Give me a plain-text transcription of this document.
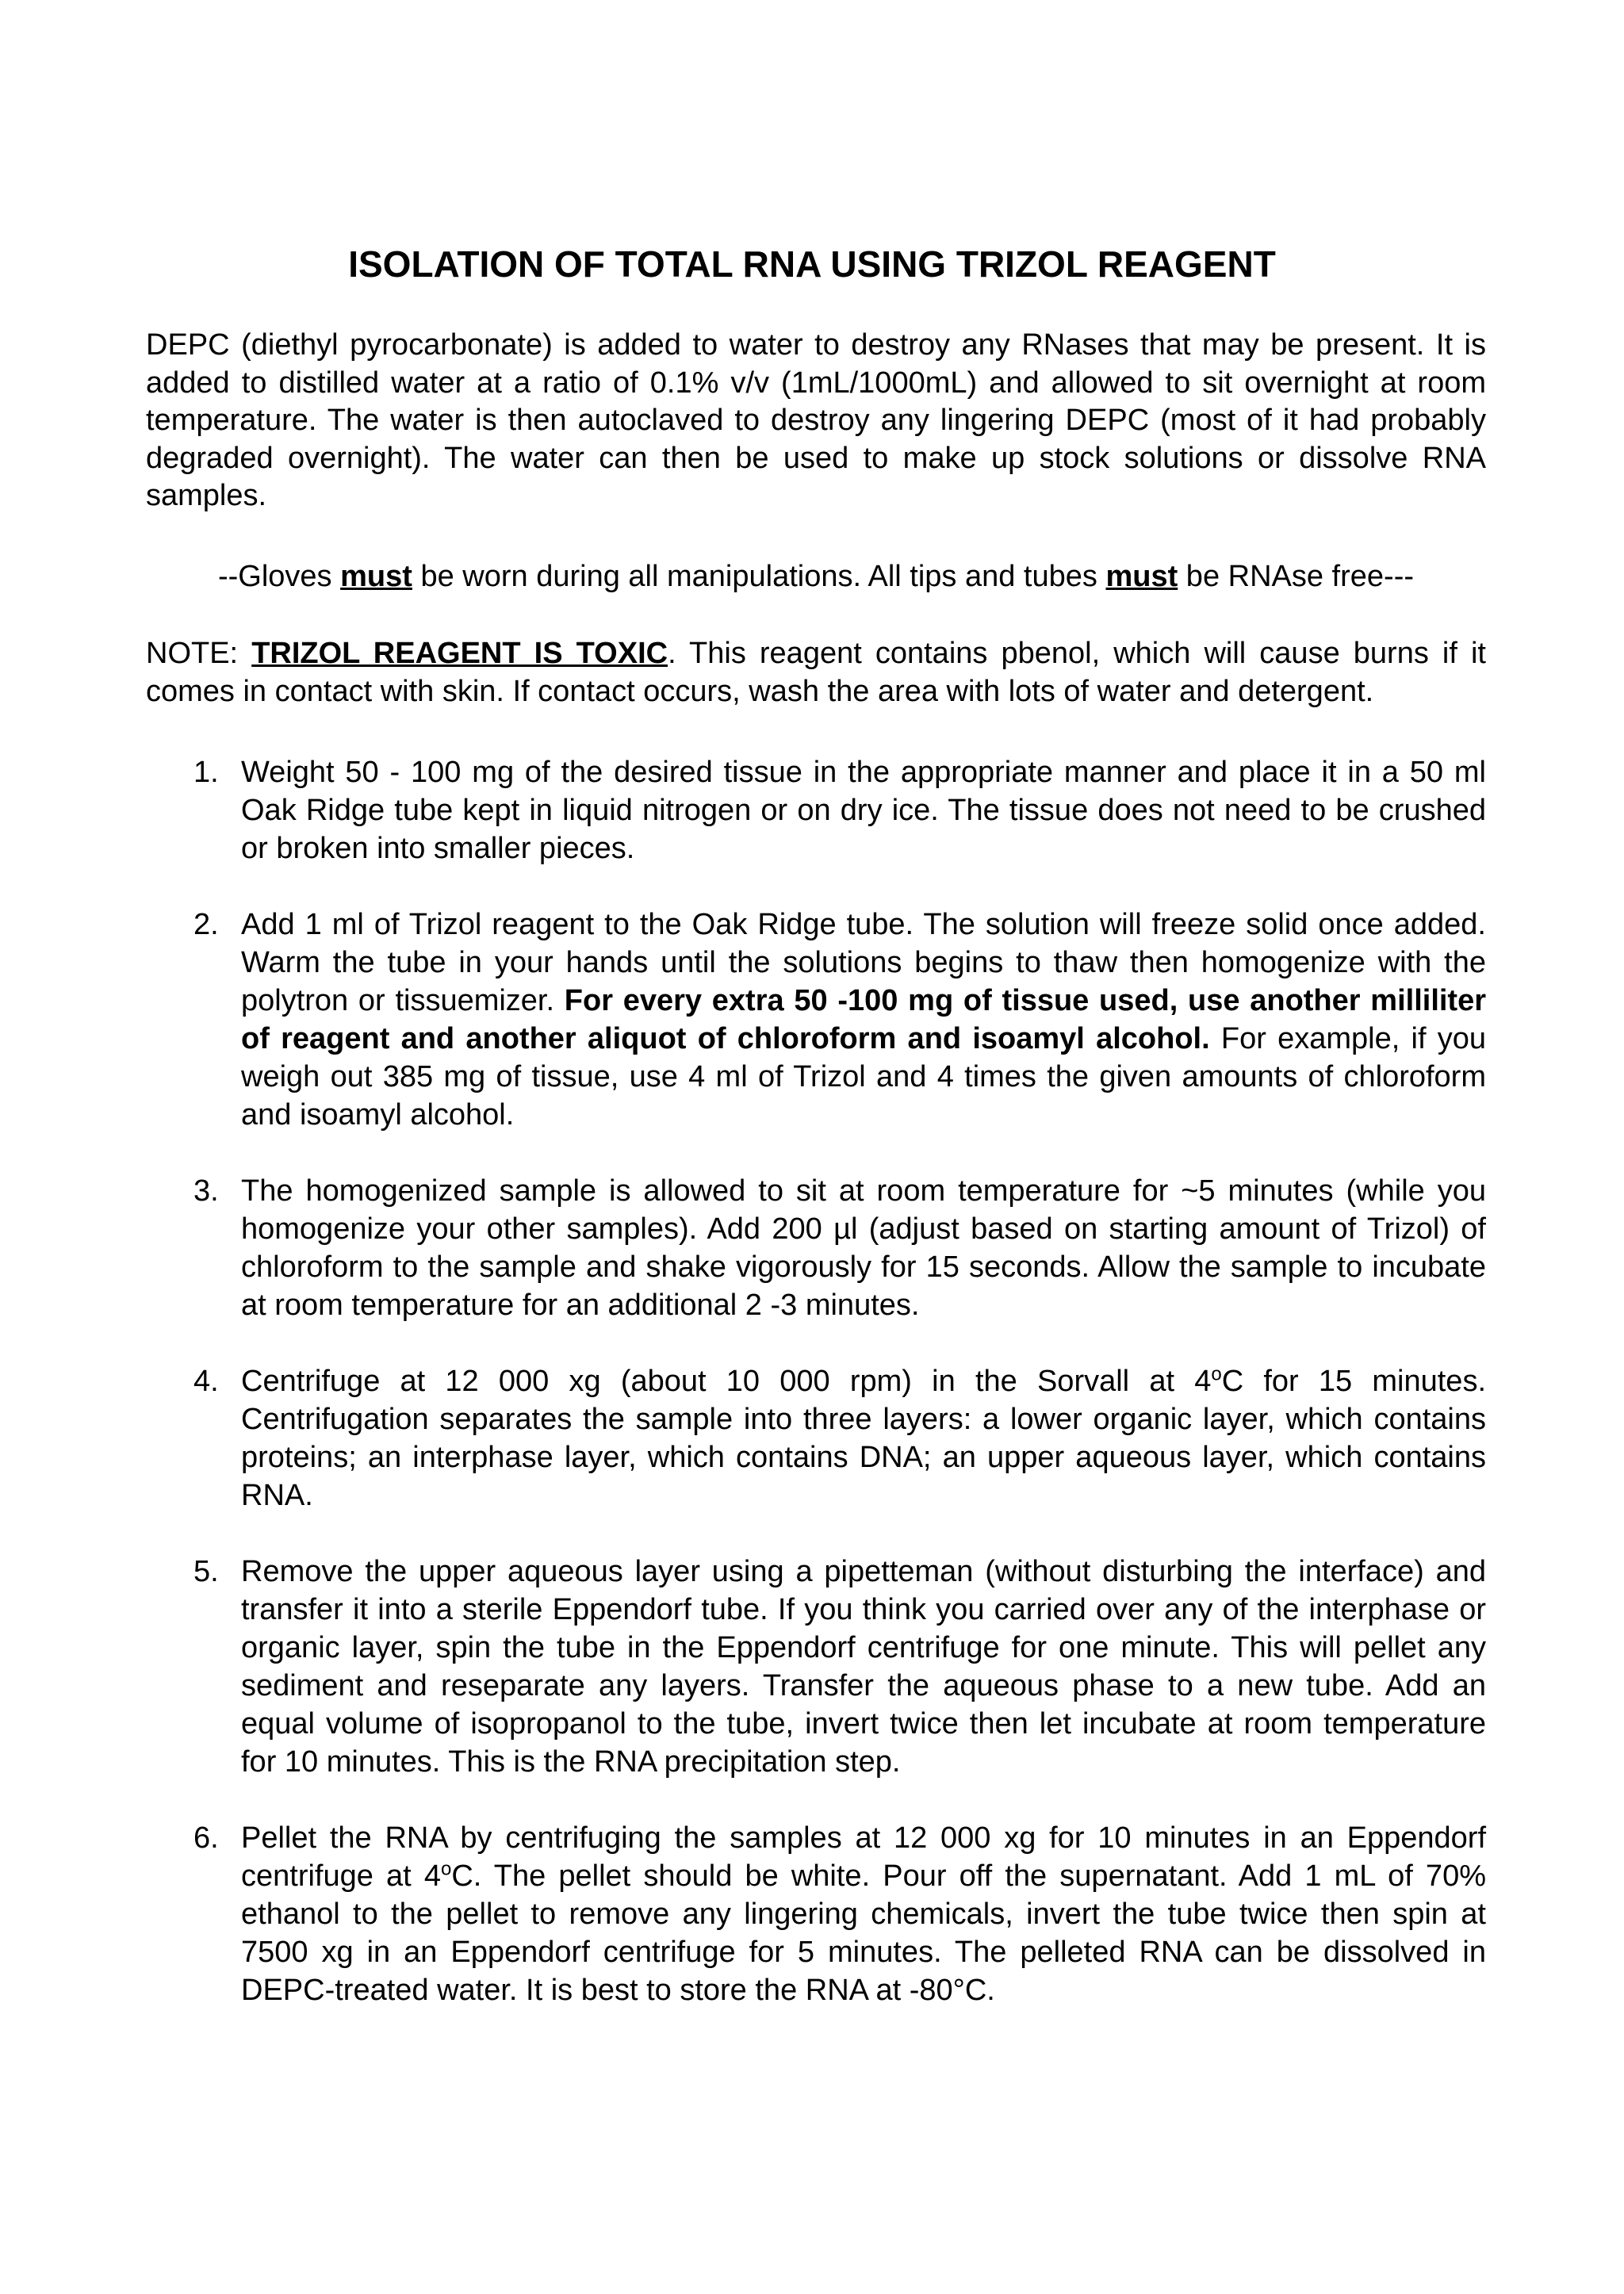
ISOLATION OF TOTAL RNA USING TRIZOL REAGENT

DEPC (diethyl pyrocarbonate) is added to water to destroy any RNases that may be present. It is added to distilled water at a ratio of 0.1% v/v (1mL/1000mL) and allowed to sit overnight at room temperature. The water is then autoclaved to destroy any lingering DEPC (most of it had probably degraded overnight). The water can then be used to make up stock solutions or dissolve RNA samples.

--Gloves must be worn during all manipulations. All tips and tubes must be RNAse free---

NOTE: TRIZOL REAGENT IS TOXIC. This reagent contains pbenol, which will cause burns if it comes in contact with skin. If contact occurs, wash the area with lots of water and detergent.

1. Weight 50 - 100 mg of the desired tissue in the appropriate manner and place it in a 50 ml Oak Ridge tube kept in liquid nitrogen or on dry ice. The tissue does not need to be crushed or broken into smaller pieces.
2. Add 1 ml of Trizol reagent to the Oak Ridge tube. The solution will freeze solid once added. Warm the tube in your hands until the solutions begins to thaw then homogenize with the polytron or tissuemizer. For every extra 50 -100 mg of tissue used, use another milliliter of reagent and another aliquot of chloroform and isoamyl alcohol. For example, if you weigh out 385 mg of tissue, use 4 ml of Trizol and 4 times the given amounts of chloroform and isoamyl alcohol.
3. The homogenized sample is allowed to sit at room temperature for ~5 minutes (while you homogenize your other samples). Add 200 µl (adjust based on starting amount of Trizol) of chloroform to the sample and shake vigorously for 15 seconds. Allow the sample to incubate at room temperature for an additional 2 -3 minutes.
4. Centrifuge at 12 000 xg (about 10 000 rpm) in the Sorvall at 4$^o$C for 15 minutes. Centrifugation separates the sample into three layers: a lower organic layer, which contains proteins; an interphase layer, which contains DNA; an upper aqueous layer, which contains RNA.
5. Remove the upper aqueous layer using a pipetteman (without disturbing the interface) and transfer it into a sterile Eppendorf tube. If you think you carried over any of the interphase or organic layer, spin the tube in the Eppendorf centrifuge for one minute. This will pellet any sediment and reseparate any layers. Transfer the aqueous phase to a new tube. Add an equal volume of isopropanol to the tube, invert twice then let incubate at room temperature for 10 minutes. This is the RNA precipitation step.
6. Pellet the RNA by centrifuging the samples at 12 000 xg for 10 minutes in an Eppendorf centrifuge at 4$^o$C. The pellet should be white. Pour off the supernatant. Add 1 mL of 70% ethanol to the pellet to remove any lingering chemicals, invert the tube twice then spin at 7500 xg in an Eppendorf centrifuge for 5 minutes. The pelleted RNA can be dissolved in DEPC-treated water. It is best to store the RNA at -80°C.
